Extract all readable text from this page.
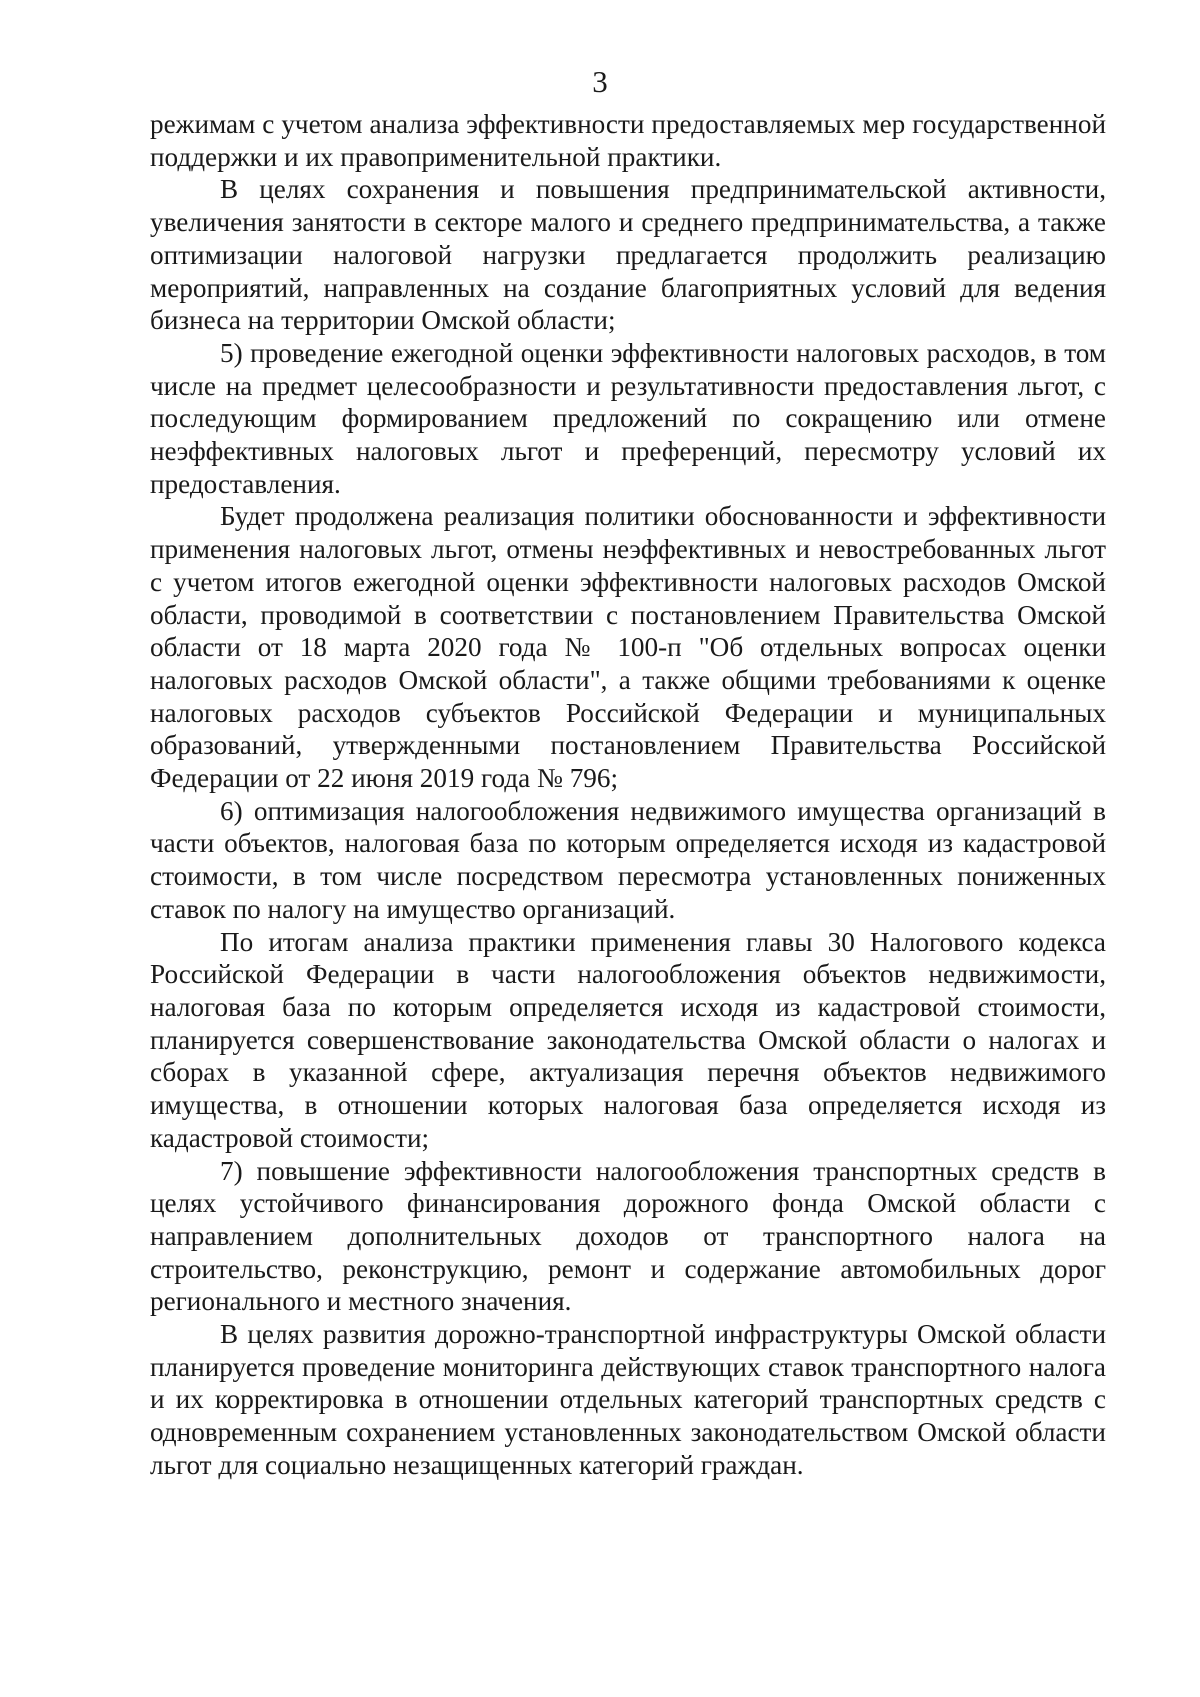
3

режимам с учетом анализа эффективности предоставляемых мер государственной поддержки и их правоприменительной практики.

В целях сохранения и повышения предпринимательской активности, увеличения занятости в секторе малого и среднего предпринимательства, а также оптимизации налоговой нагрузки предлагается продолжить реализацию мероприятий, направленных на создание благоприятных условий для ведения бизнеса на территории Омской области;

5) проведение ежегодной оценки эффективности налоговых расходов, в том числе на предмет целесообразности и результативности предоставления льгот, с последующим формированием предложений по сокращению или отмене неэффективных налоговых льгот и преференций, пересмотру условий их предоставления.

Будет продолжена реализация политики обоснованности и эффективности применения налоговых льгот, отмены неэффективных и невостребованных льгот с учетом итогов ежегодной оценки эффективности налоговых расходов Омской области, проводимой в соответствии с постановлением Правительства Омской области от 18 марта 2020 года № 100-п "Об отдельных вопросах оценки налоговых расходов Омской области", а также общими требованиями к оценке налоговых расходов субъектов Российской Федерации и муниципальных образований, утвержденными постановлением Правительства Российской Федерации от 22 июня 2019 года № 796;

6) оптимизация налогообложения недвижимого имущества организаций в части объектов, налоговая база по которым определяется исходя из кадастровой стоимости, в том числе посредством пересмотра установленных пониженных ставок по налогу на имущество организаций.

По итогам анализа практики применения главы 30 Налогового кодекса Российской Федерации в части налогообложения объектов недвижимости, налоговая база по которым определяется исходя из кадастровой стоимости, планируется совершенствование законодательства Омской области о налогах и сборах в указанной сфере, актуализация перечня объектов недвижимого имущества, в отношении которых налоговая база определяется исходя из кадастровой стоимости;

7) повышение эффективности налогообложения транспортных средств в целях устойчивого финансирования дорожного фонда Омской области с направлением дополнительных доходов от транспортного налога на строительство, реконструкцию, ремонт и содержание автомобильных дорог регионального и местного значения.

В целях развития дорожно-транспортной инфраструктуры Омской области планируется проведение мониторинга действующих ставок транспортного налога и их корректировка в отношении отдельных категорий транспортных средств с одновременным сохранением установленных законодательством Омской области льгот для социально незащищенных категорий граждан.
